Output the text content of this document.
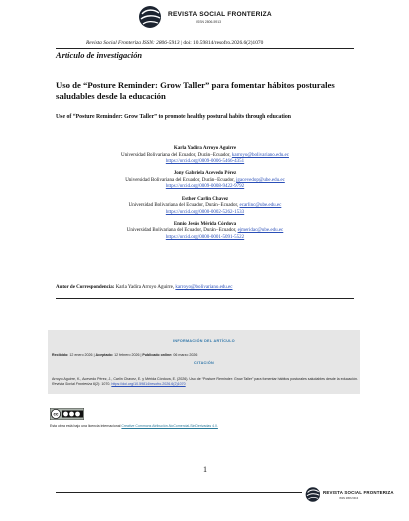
REVISTA SOCIAL FRONTERIZA
ISSN 2806-5913
Revista Social Fronteriza ISSN: 2806-5913 | doi: 10.59814/resofro.2026.6(2)1070
Artículo de investigación
Uso de “Posture Reminder: Grow Taller” para fomentar hábitos posturales saludables desde la educación
Use of “Posture Reminder: Grow Taller” to promote healthy postural habits through education
Karla Yadira Arroyo Aguirre
Universidad Bolivariana del Ecuador, Durán−Ecuador, karroyo@bolivariano.edu.ec
https://orcid.org/0009-0006-5466-4351
Jony Gabriela Acevedo Pérez
Universidad Bolivariana del Ecuador, Durán−Ecuador, jgacevedop@ube.edu.ec
https://orcid.org/0009-0008-9422-9792
Esther Carlin Chavez
Universidad Bolivariana del Ecuador, Durán−Ecuador, ecarlinc@ube.edu.ec
https://orcid.org/0000-0002-5262-1533
Ennio Jesús Mérida Córdova
Universidad Bolivariana del Ecuador, Durán−Ecuador, ejmeridac@ube.edu.ec
https://orcid.org/0000-0001-5091-5522
Autor de Correspondencia: Karla Yadira Arroyo Aguirre, karroyo@bolivariano.edu.ec
INFORMACIÓN DEL ARTÍCULO
Recibido: 12 enero 2026 | Aceptado: 12 febrero 2026 | Publicado online: 06 marzo 2026
CITACIÓN
Arroyo Aguirre, K., Acevedo Pérez, J., Carlin Chavez, E. y Mérida Córdova, E. (2026). Uso de “Posture Reminder: Grow Taller” para fomentar hábitos posturales saludables desde la educación. Revista Social Fronteriza 6(2): 1070. https://doi.org/10.59814/resofro.2026.6(2)1070
cc
Esta obra está bajo una licencia internacional Creative Commons Atribución-NoComercial-SinDerivadas 4.0.
1
REVISTA SOCIAL FRONTERIZA
ISSN 2806-5913
